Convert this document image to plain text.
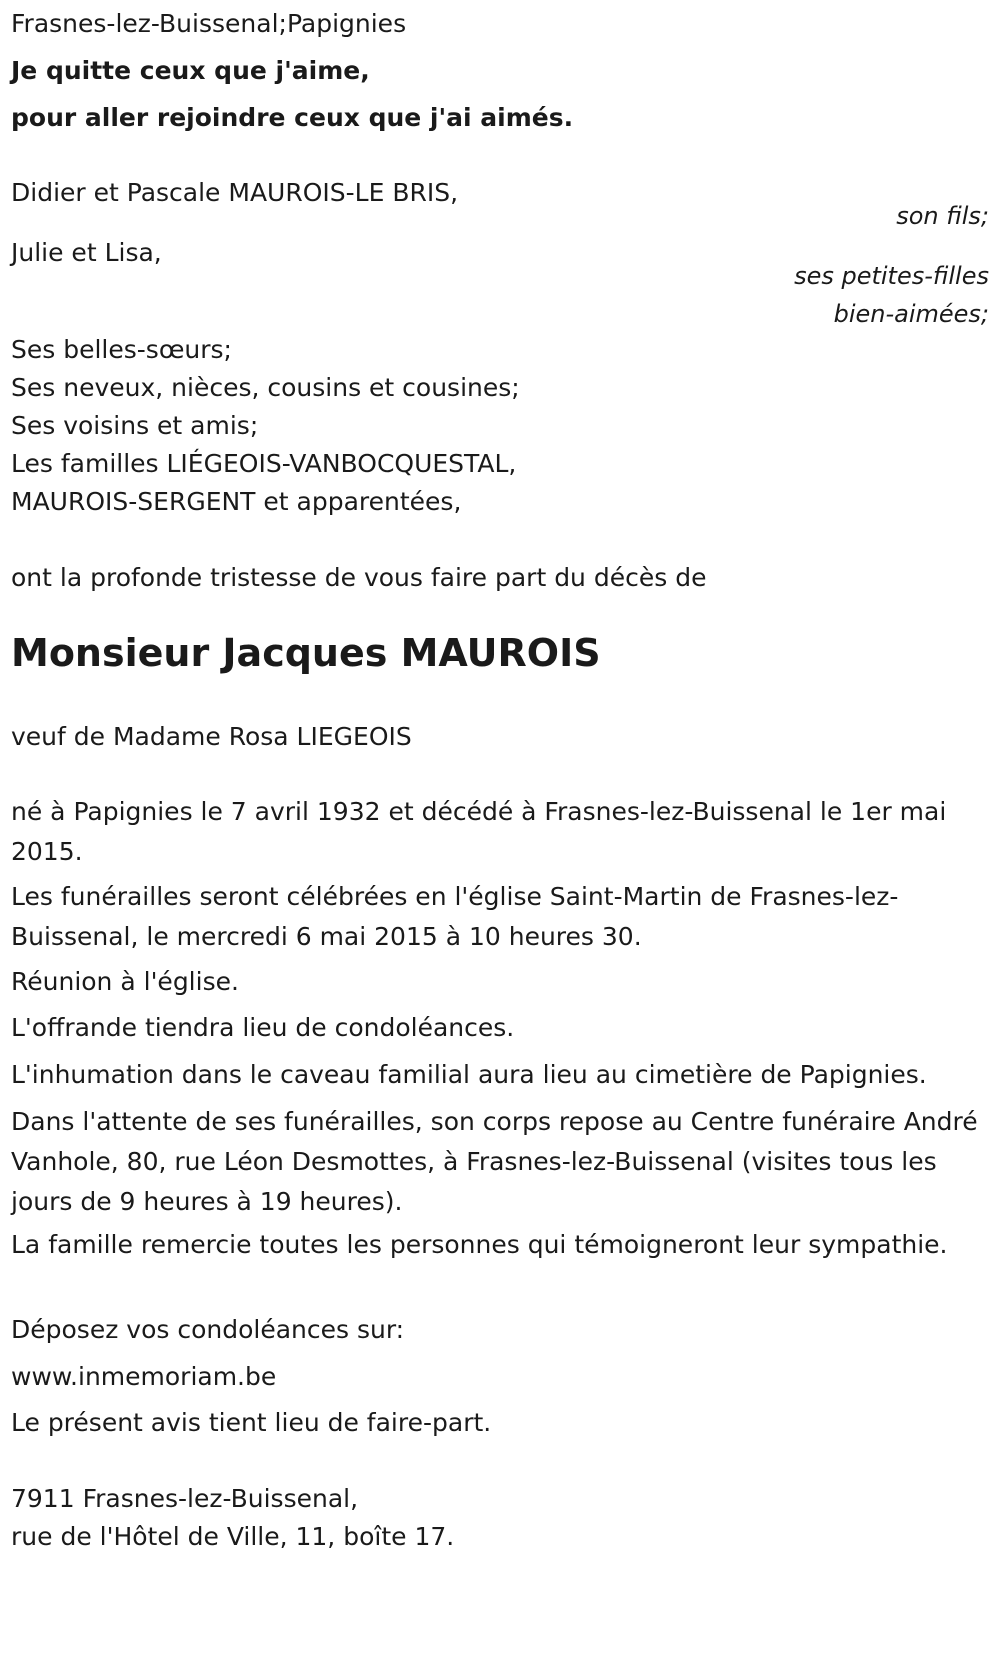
Frasnes-lez-Buissenal;Papignies

Je quitte ceux que j'aime,

pour aller rejoindre ceux que j'ai aimés.

Didier et Pascale MAUROIS-LE BRIS,

son fils;

Julie et Lisa,

ses petites-filles

bien-aimées;

Ses belles-sœurs;

Ses neveux, nièces, cousins et cousines;

Ses voisins et amis;

Les familles LIÉGEOIS-VANBOCQUESTAL,

MAUROIS-SERGENT et apparentées,

ont la profonde tristesse de vous faire part du décès de

Monsieur Jacques MAUROIS

veuf de Madame Rosa LIEGEOIS

né à Papignies le 7 avril 1932 et décédé à Frasnes-lez-Buissenal le 1er mai 2015.

Les funérailles seront célébrées en l'église Saint-Martin de Frasnes-lez-Buissenal, le mercredi 6 mai 2015 à 10 heures 30.

Réunion à l'église.

L'offrande tiendra lieu de condoléances.

L'inhumation dans le caveau familial aura lieu au cimetière de Papignies.

Dans l'attente de ses funérailles, son corps repose au Centre funéraire André Vanhole, 80, rue Léon Desmottes, à Frasnes-lez-Buissenal (visites tous les jours de 9 heures à 19 heures).

La famille remercie toutes les personnes qui témoigneront leur sympathie.

Déposez vos condoléances sur:

www.inmemoriam.be

Le présent avis tient lieu de faire-part.

7911 Frasnes-lez-Buissenal,

rue de l'Hôtel de Ville, 11, boîte 17.
